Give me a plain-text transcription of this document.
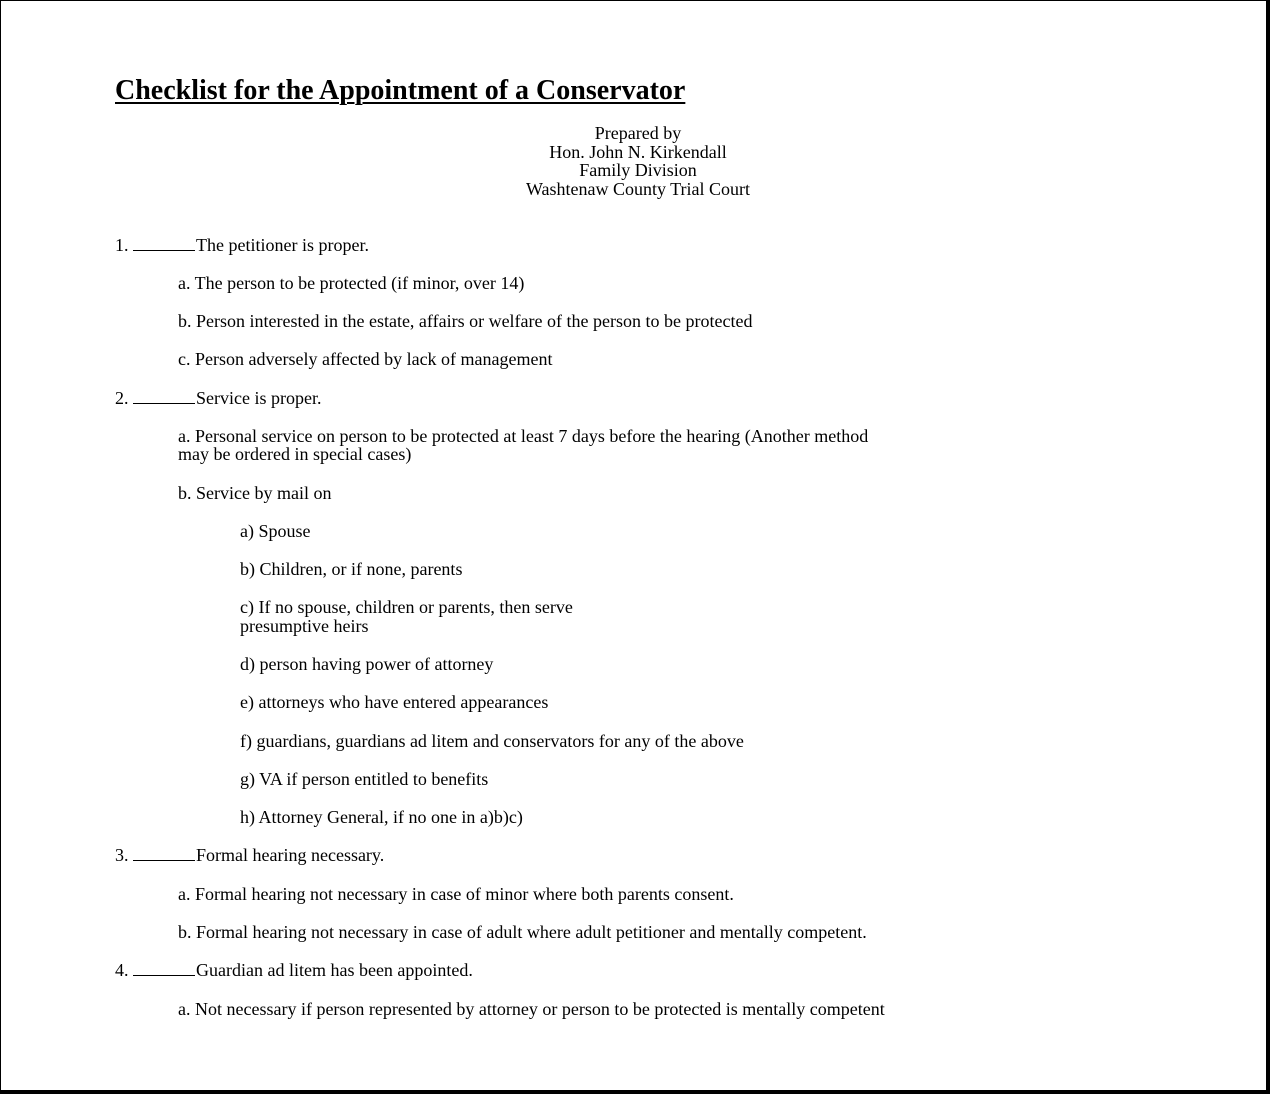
Checklist for the Appointment of a Conservator
Prepared by
Hon. John N. Kirkendall
Family Division
Washtenaw County Trial Court
1.	The petitioner is proper.
a. The person to be protected (if minor, over 14)
b. Person interested in the estate, affairs or welfare of the person to be protected
c. Person adversely affected by lack of management
2.	Service is proper.
a. Personal service on person to be protected at least 7 days before the hearing (Another method
may be ordered in special cases)
b. Service by mail on
a) Spouse
b) Children, or if none, parents
c) If no spouse, children or parents, then serve
presumptive heirs
d) person having power of attorney
e) attorneys who have entered appearances
f) guardians, guardians ad litem and conservators for any of the above
g) VA if person entitled to benefits
h) Attorney General, if no one in a)b)c)
3.	Formal hearing necessary.
a. Formal hearing not necessary in case of minor where both parents consent.
b. Formal hearing not necessary in case of adult where adult petitioner and mentally competent.
4.	Guardian ad litem has been appointed.
a. Not necessary if person represented by attorney or person to be protected is mentally competent
